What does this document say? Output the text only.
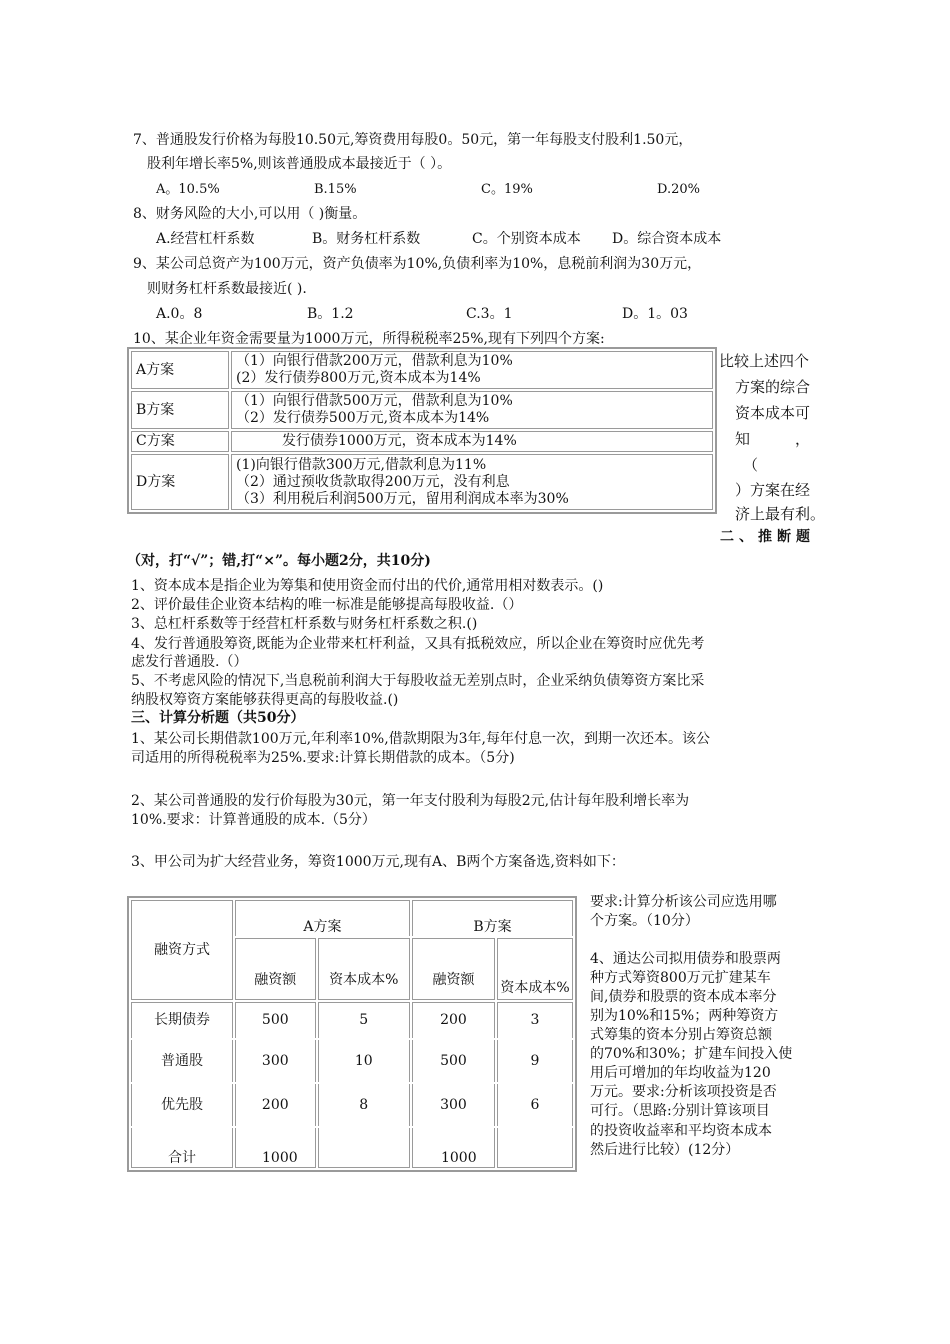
7、普通股发行价格为每股10.50元,筹资费用每股0。50元，第一年每股支付股利1.50元，
股利年增长率5%,则该普通股成本最接近于（ ）。
A。10.5%	B.15%	C。19%	D.20%
8、财务风险的大小,可以用（ )衡量。
A.经营杠杆系数	B。财务杠杆系数	C。个别资本成本 D。综合资本成本
9、某公司总资产为100万元，资产负债率为10%,负债利率为10%，息税前利润为30万元，
则财务杠杆系数最接近( ).
A.0。8	B。1.2	C.3。1	D。1。03
10、某企业年资金需要量为1000万元，所得税税率25%,现有下列四个方案:
A方案	（1）向银行借款200万元，借款利息为10%
(2）发行债券800万元,资本成本为14%

B方案	（1）向银行借款500万元，借款利息为10%
（2）发行债券500万元,资本成本为14%

C方案	发行债券1000万元，资本成本为14%

D方案	(1)向银行借款300万元,借款利息为11%
（2）通过预收货款取得200万元，没有利息
（3）利用税后利润500万元，留用利润成本率为30%
比较上述四个
方案的综合
资本成本可
知　　　，
（
）方案在经
济上最有利。
二、推断题
（对，打“√”；错,打“×”。每小题2分，共10分)
1、资本成本是指企业为筹集和使用资金而付出的代价,通常用相对数表示。()
2、评价最佳企业资本结构的唯一标准是能够提高每股收益.（）
3、总杠杆系数等于经营杠杆系数与财务杠杆系数之积.()
4、发行普通股筹资,既能为企业带来杠杆利益，又具有抵税效应，所以企业在筹资时应优先考
虑发行普通股.（）
5、不考虑风险的情况下,当息税前利润大于每股收益无差别点时，企业采纳负债筹资方案比采
纳股权筹资方案能够获得更高的每股收益.()
三、计算分析题（共50分）
1、某公司长期借款100万元,年利率10%,借款期限为3年,每年付息一次，到期一次还本。该公
司适用的所得税税率为25%.要求:计算长期借款的成本。（5分)
2、某公司普通股的发行价每股为30元，第一年支付股利为每股2元,估计每年股利增长率为
10%.要求：计算普通股的成本.（5分）
3、甲公司为扩大经营业务，筹资1000万元,现有A、B两个方案备选,资料如下：
融资方式	A方案		B方案	
	融资额	资本成本%	融资额	资本成本%
长期债券	500	5	200	3
普通股	300	10	500	9
优先股	200	8	300	6
合计	1000		1000	
要求:计算分析该公司应选用哪
个方案。（10分）
4、通达公司拟用债券和股票两
种方式筹资800万元扩建某车
间,债券和股票的资本成本率分
别为10%和15%；两种筹资方
式筹集的资本分别占筹资总额
的70%和30%；扩建车间投入使
用后可增加的年均收益为120
万元。要求:分析该项投资是否
可行。（思路:分别计算该项目
的投资收益率和平均资本成本
然后进行比较）(12分）
